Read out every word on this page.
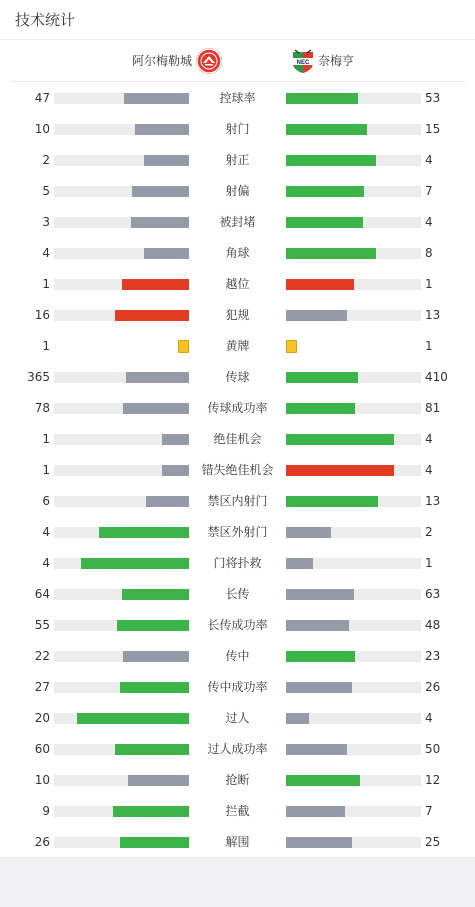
技术统计
阿尔梅勒城	NEC 奈梅亨
47	控球率	53
10	射门	15
2	射正	4
5	射偏	7
3	被封堵	4
4	角球	8
1	越位	1
16	犯规	13
1	黄牌	1
365	传球	410
78	传球成功率	81
1	绝佳机会	4
1	错失绝佳机会	4
6	禁区内射门	13
4	禁区外射门	2
4	门将扑救	1
64	长传	63
55	长传成功率	48
22	传中	23
27	传中成功率	26
20	过人	4
60	过人成功率	50
10	抢断	12
9	拦截	7
26	解围	25
